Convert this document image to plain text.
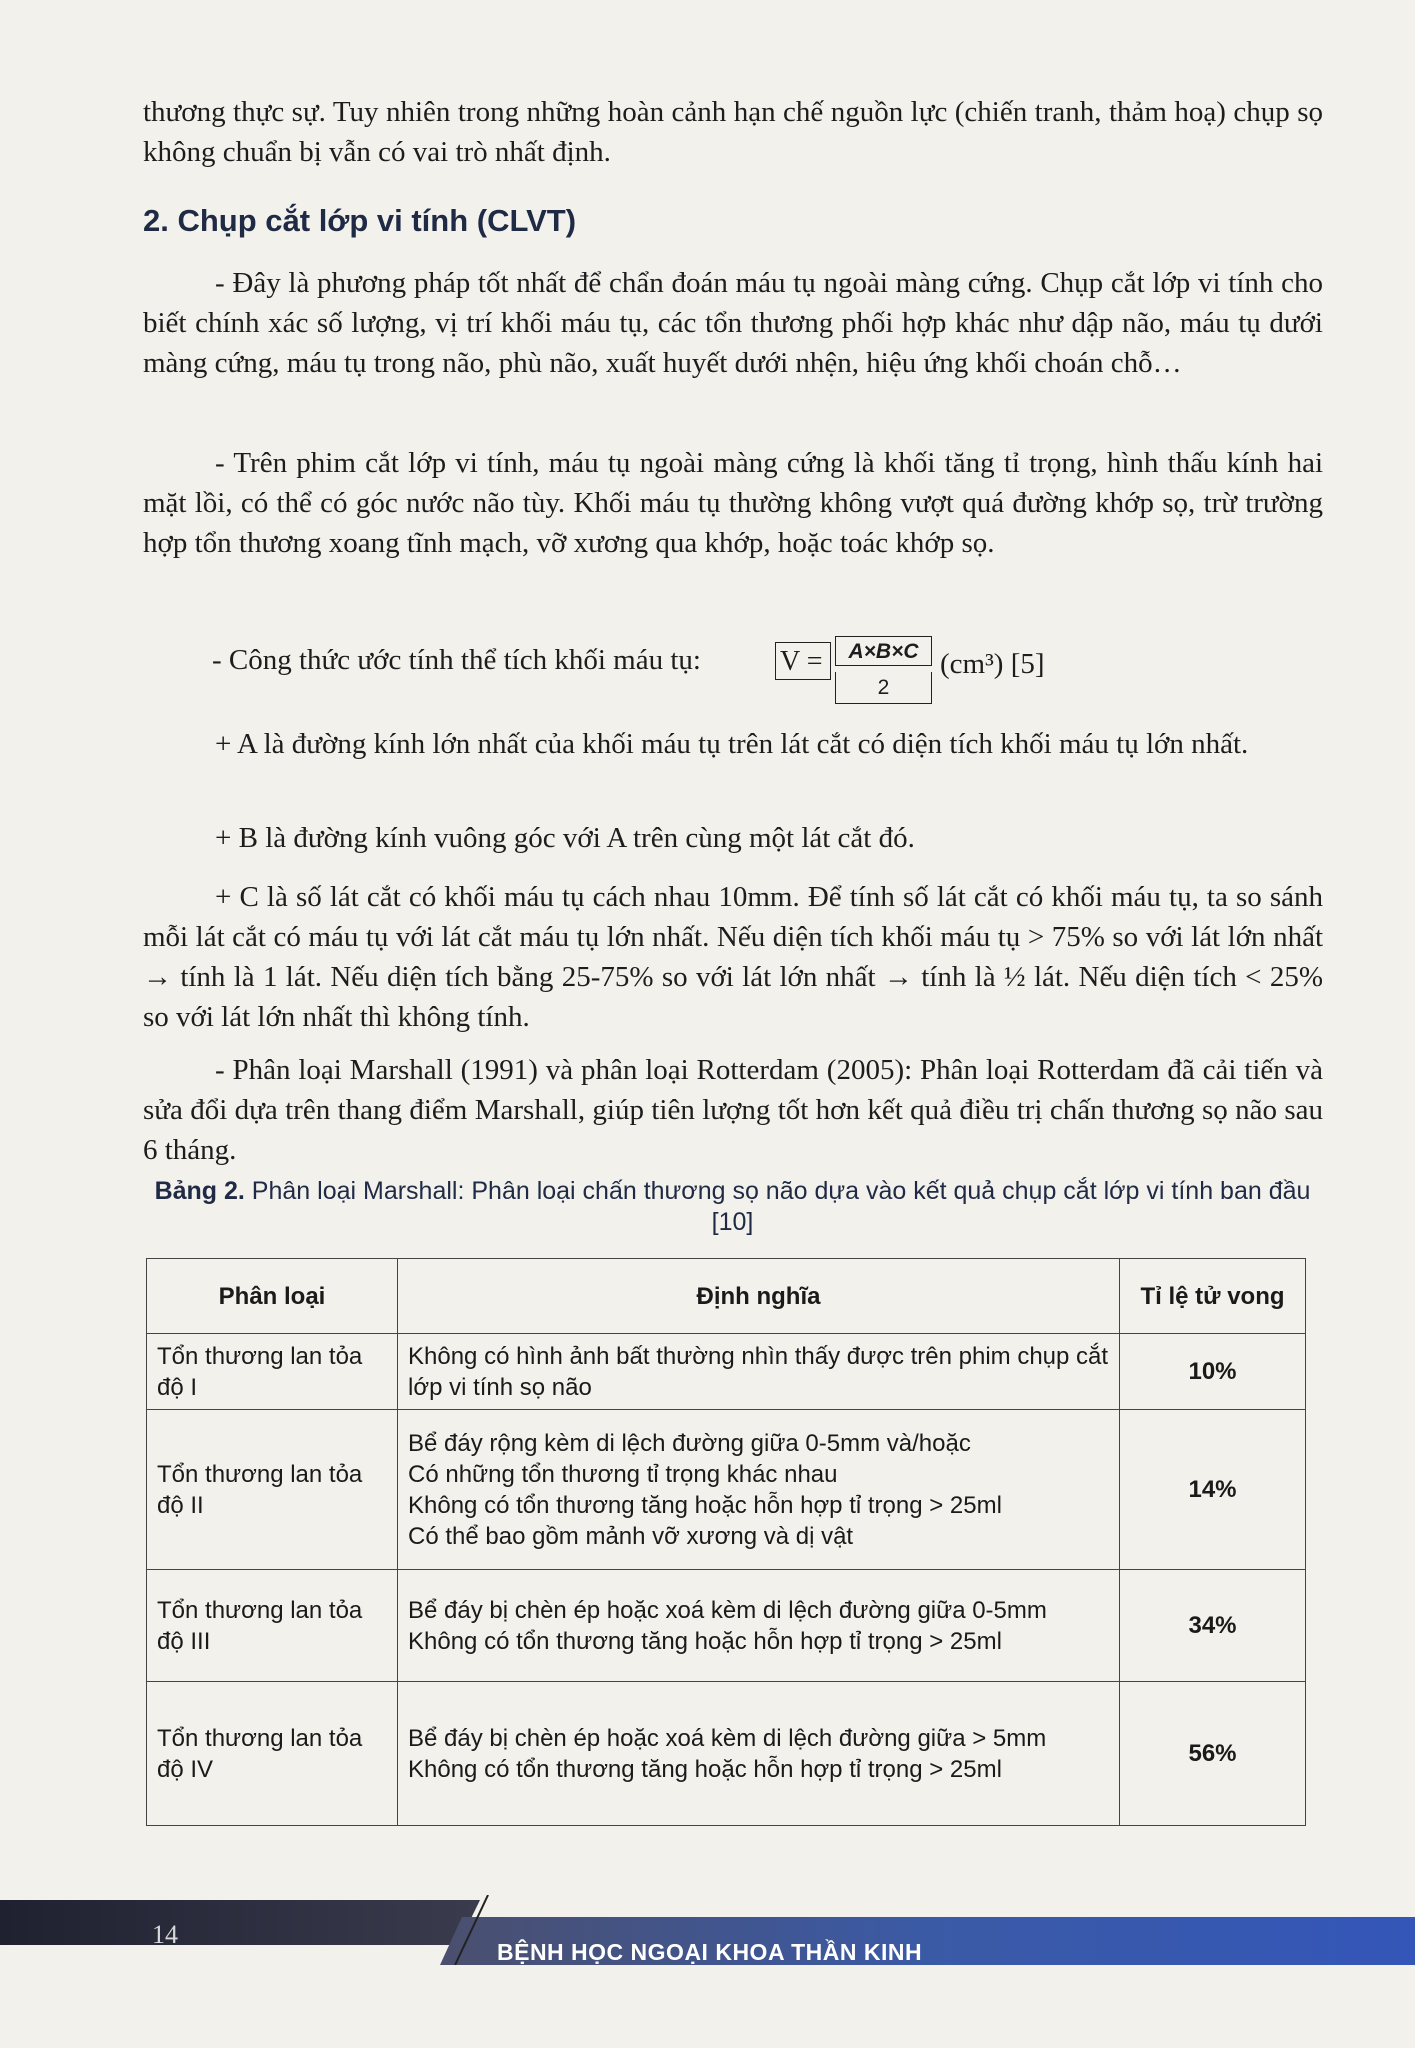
thương thực sự. Tuy nhiên trong những hoàn cảnh hạn chế nguồn lực (chiến tranh, thảm hoạ) chụp sọ không chuẩn bị vẫn có vai trò nhất định.

2. Chụp cắt lớp vi tính (CLVT)

- Đây là phương pháp tốt nhất để chẩn đoán máu tụ ngoài màng cứng. Chụp cắt lớp vi tính cho biết chính xác số lượng, vị trí khối máu tụ, các tổn thương phối hợp khác như dập não, máu tụ dưới màng cứng, máu tụ trong não, phù não, xuất huyết dưới nhện, hiệu ứng khối choán chỗ…

- Trên phim cắt lớp vi tính, máu tụ ngoài màng cứng là khối tăng tỉ trọng, hình thấu kính hai mặt lồi, có thể có góc nước não tùy. Khối máu tụ thường không vượt quá đường khớp sọ, trừ trường hợp tổn thương xoang tĩnh mạch, vỡ xương qua khớp, hoặc toác khớp sọ.

- Công thức ước tính thể tích khối máu tụ:	V =	A×B×C
2
(cm³) [5]

+ A là đường kính lớn nhất của khối máu tụ trên lát cắt có diện tích khối máu tụ lớn nhất.

+ B là đường kính vuông góc với A trên cùng một lát cắt đó.

+ C là số lát cắt có khối máu tụ cách nhau 10mm. Để tính số lát cắt có khối máu tụ, ta so sánh mỗi lát cắt có máu tụ với lát cắt máu tụ lớn nhất. Nếu diện tích khối máu tụ > 75% so với lát lớn nhất → tính là 1 lát. Nếu diện tích bằng 25-75% so với lát lớn nhất → tính là ½ lát. Nếu diện tích < 25% so với lát lớn nhất thì không tính.

- Phân loại Marshall (1991) và phân loại Rotterdam (2005): Phân loại Rotterdam đã cải tiến và sửa đổi dựa trên thang điểm Marshall, giúp tiên lượng tốt hơn kết quả điều trị chấn thương sọ não sau 6 tháng.

Bảng 2. Phân loại Marshall: Phân loại chấn thương sọ não dựa vào kết quả chụp cắt lớp vi tính ban đầu [10]

Phân loại	Định nghĩa	Tỉ lệ tử vong
Tổn thương lan tỏa độ I	Không có hình ảnh bất thường nhìn thấy được trên phim chụp cắt lớp vi tính sọ não	10%
Tổn thương lan tỏa độ II	Bể đáy rộng kèm di lệch đường giữa 0-5mm và/hoặc
Có những tổn thương tỉ trọng khác nhau
Không có tổn thương tăng hoặc hỗn hợp tỉ trọng > 25ml
Có thể bao gồm mảnh vỡ xương và dị vật	14%
Tổn thương lan tỏa độ III	Bể đáy bị chèn ép hoặc xoá kèm di lệch đường giữa 0-5mm
Không có tổn thương tăng hoặc hỗn hợp tỉ trọng > 25ml	34%
Tổn thương lan tỏa độ IV	Bể đáy bị chèn ép hoặc xoá kèm di lệch đường giữa > 5mm
Không có tổn thương tăng hoặc hỗn hợp tỉ trọng > 25ml	56%
14
BỆNH HỌC NGOẠI KHOA THẦN KINH
